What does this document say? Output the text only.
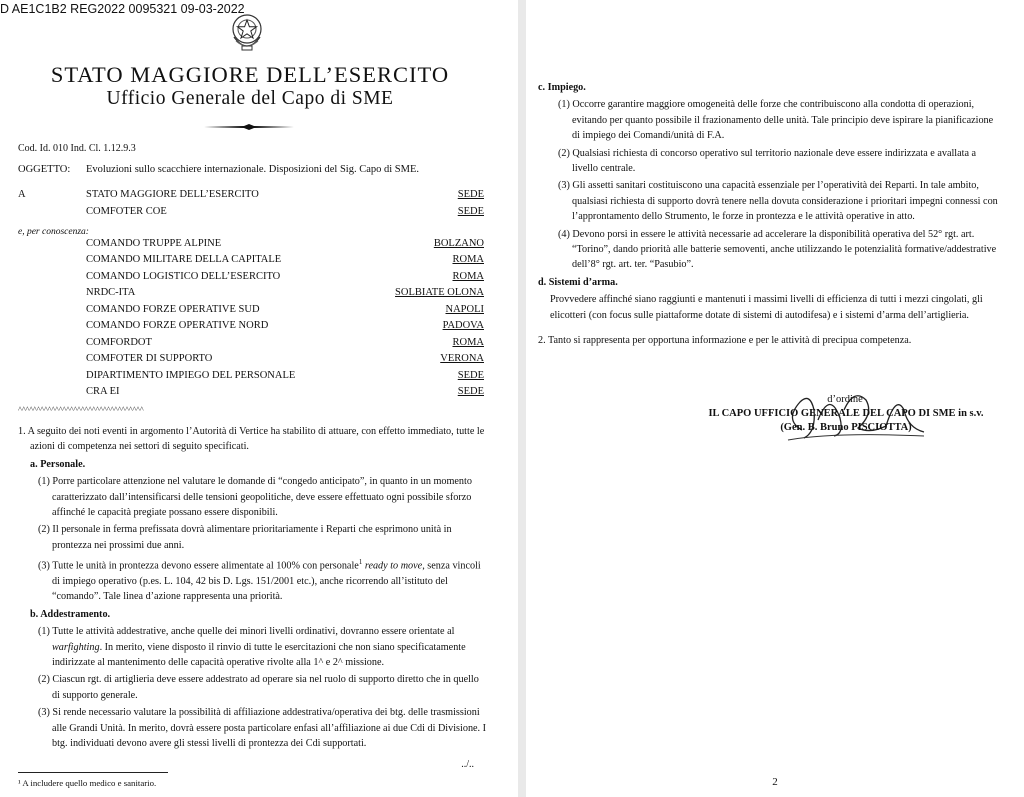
D AE1C1B2 REG2022 0095321 09-03-2022
STATO MAGGIORE DELL’ESERCITO
Ufficio Generale del Capo di SME
Cod. Id. 010 Ind. Cl. 1.12.9.3
OGGETTO: Evoluzioni sullo scacchiere internazionale. Disposizioni del Sig. Capo di SME.
A	STATO MAGGIORE DELL’ESERCITO	SEDE
COMFOTER COE	SEDE
e, per conoscenza:
COMANDO TRUPPE ALPINE	BOLZANO
COMANDO MILITARE DELLA CAPITALE	ROMA
COMANDO LOGISTICO DELL’ESERCITO	ROMA
NRDC-ITA	SOLBIATE OLONA
COMANDO FORZE OPERATIVE SUD	NAPOLI
COMANDO FORZE OPERATIVE NORD	PADOVA
COMFORDOT	ROMA
COMFOTER DI SUPPORTO	VERONA
DIPARTIMENTO IMPIEGO DEL PERSONALE	SEDE
CRA EI	SEDE
^^^^^^^^^^^^^^^^^^^^^^^^^^^^^^^^^^
1. A seguito dei noti eventi in argomento l’Autorità di Vertice ha stabilito di attuare, con effetto immediato, tutte le azioni di competenza nei settori di seguito specificati.
a. Personale.
(1) Porre particolare attenzione nel valutare le domande di “congedo anticipato”, in quanto in un momento caratterizzato dall’intensificarsi delle tensioni geopolitiche, deve essere effettuato ogni possibile sforzo affinché le capacità pregiate possano essere disponibili.
(2) Il personale in ferma prefissata dovrà alimentare prioritariamente i Reparti che esprimono unità in prontezza nei prossimi due anni.
(3) Tutte le unità in prontezza devono essere alimentate al 100% con personale$^1$ ready to move, senza vincoli di impiego operativo (p.es. L. 104, 42 bis D. Lgs. 151/2001 etc.), anche ricorrendo all’istituto del “comando”. Tale linea d’azione rappresenta una priorità.
b. Addestramento.
(1) Tutte le attività addestrative, anche quelle dei minori livelli ordinativi, dovranno essere orientate al warfighting. In merito, viene disposto il rinvio di tutte le esercitazioni che non siano specificatamente indirizzate al mantenimento delle capacità operative rivolte alla 1^ e 2^ missione.
(2) Ciascun rgt. di artiglieria deve essere addestrato ad operare sia nel ruolo di supporto diretto che in quello di supporto generale.
(3) Si rende necessario valutare la possibilità di affiliazione addestrativa/operativa dei btg. delle trasmissioni alle Grandi Unità. In merito, dovrà essere posta particolare enfasi all’affiliazione ai due Cdi di Divisione. I btg. individuati devono avere gli stessi livelli di prontezza dei Cdi supportati.
../..
¹ A includere quello medico e sanitario.
c. Impiego.
(1) Occorre garantire maggiore omogeneità delle forze che contribuiscono alla condotta di operazioni, evitando per quanto possibile il frazionamento delle unità. Tale principio deve ispirare la pianificazione di impiego dei Comandi/unità di F.A.
(2) Qualsiasi richiesta di concorso operativo sul territorio nazionale deve essere indirizzata e avallata a livello centrale.
(3) Gli assetti sanitari costituiscono una capacità essenziale per l’operatività dei Reparti. In tale ambito, qualsiasi richiesta di supporto dovrà tenere nella dovuta considerazione i prioritari impegni connessi con l’approntamento dello Strumento, le forze in prontezza e le attività operative in atto.
(4) Devono porsi in essere le attività necessarie ad accelerare la disponibilità operativa del 52° rgt. art. “Torino”, dando priorità alle batterie semoventi, anche utilizzando le potenzialità formative/addestrative dell’8° rgt. art. ter. “Pasubio”.
d. Sistemi d’arma.
Provvedere affinché siano raggiunti e mantenuti i massimi livelli di efficienza di tutti i mezzi cingolati, gli elicotteri (con focus sulle piattaforme dotate di sistemi di autodifesa) e i sistemi d’arma dell’artiglieria.
2. Tanto si rappresenta per opportuna informazione e per le attività di precipua competenza.
d’ordine
IL CAPO UFFICIO GENERALE DEL CAPO DI SME in s.v.
(Gen. B. Bruno PISCIOTTA)
2
